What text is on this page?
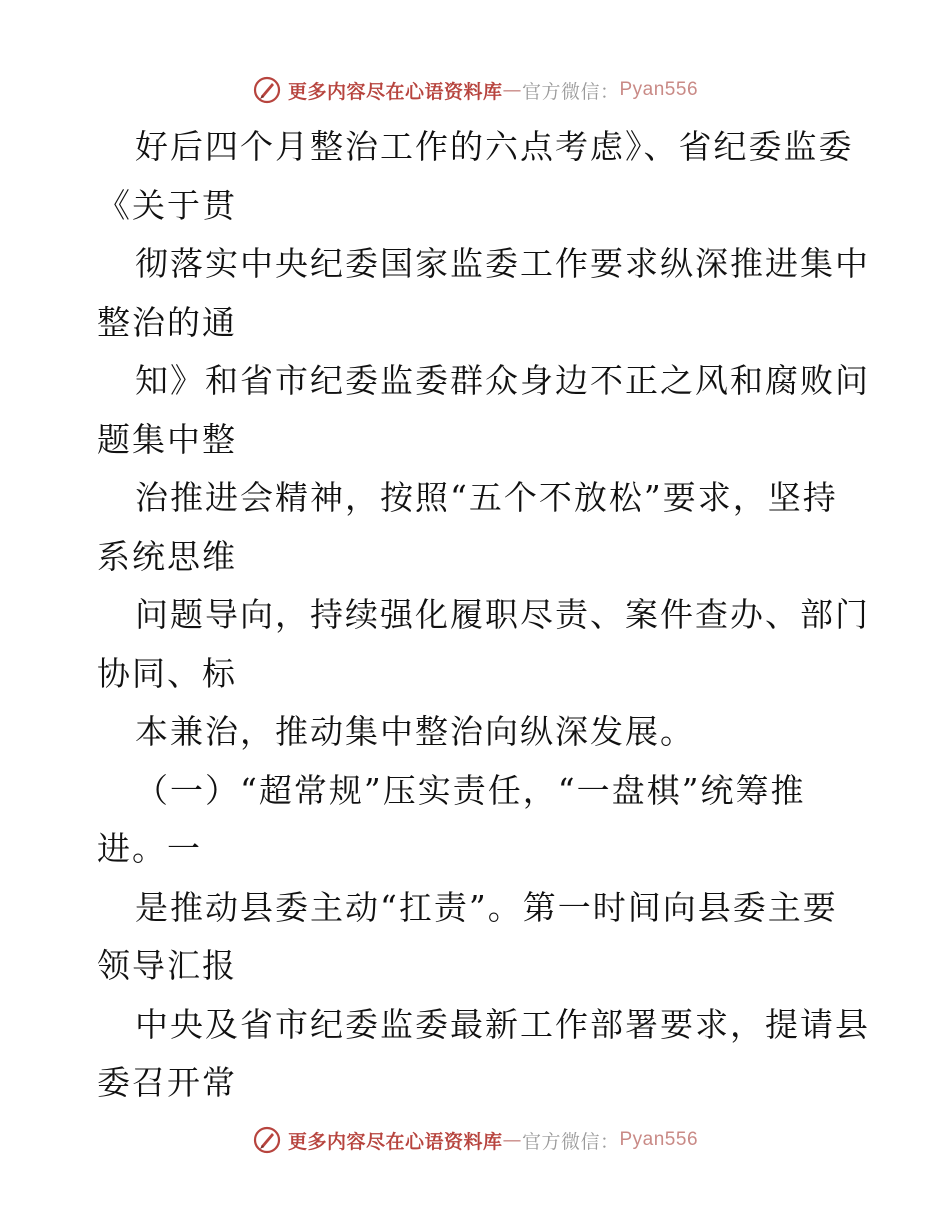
更多内容尽在心语资料库 — 官方微信： Pyan556
好后四个月整治工作的六点考虑》、省纪委监委
《关于贯
彻落实中央纪委国家监委工作要求纵深推进集中
整治的通
知》和省市纪委监委群众身边不正之风和腐败问
题集中整
治推进会精神，按照“五个不放松”要求，坚持
系统思维
问题导向，持续强化履职尽责、案件查办、部门
协同、标
本兼治，推动集中整治向纵深发展。
（一）“超常规”压实责任，“一盘棋”统筹推
进。一
是推动县委主动“扛责”。第一时间向县委主要
领导汇报
中央及省市纪委监委最新工作部署要求，提请县
委召开常
更多内容尽在心语资料库 — 官方微信： Pyan556
